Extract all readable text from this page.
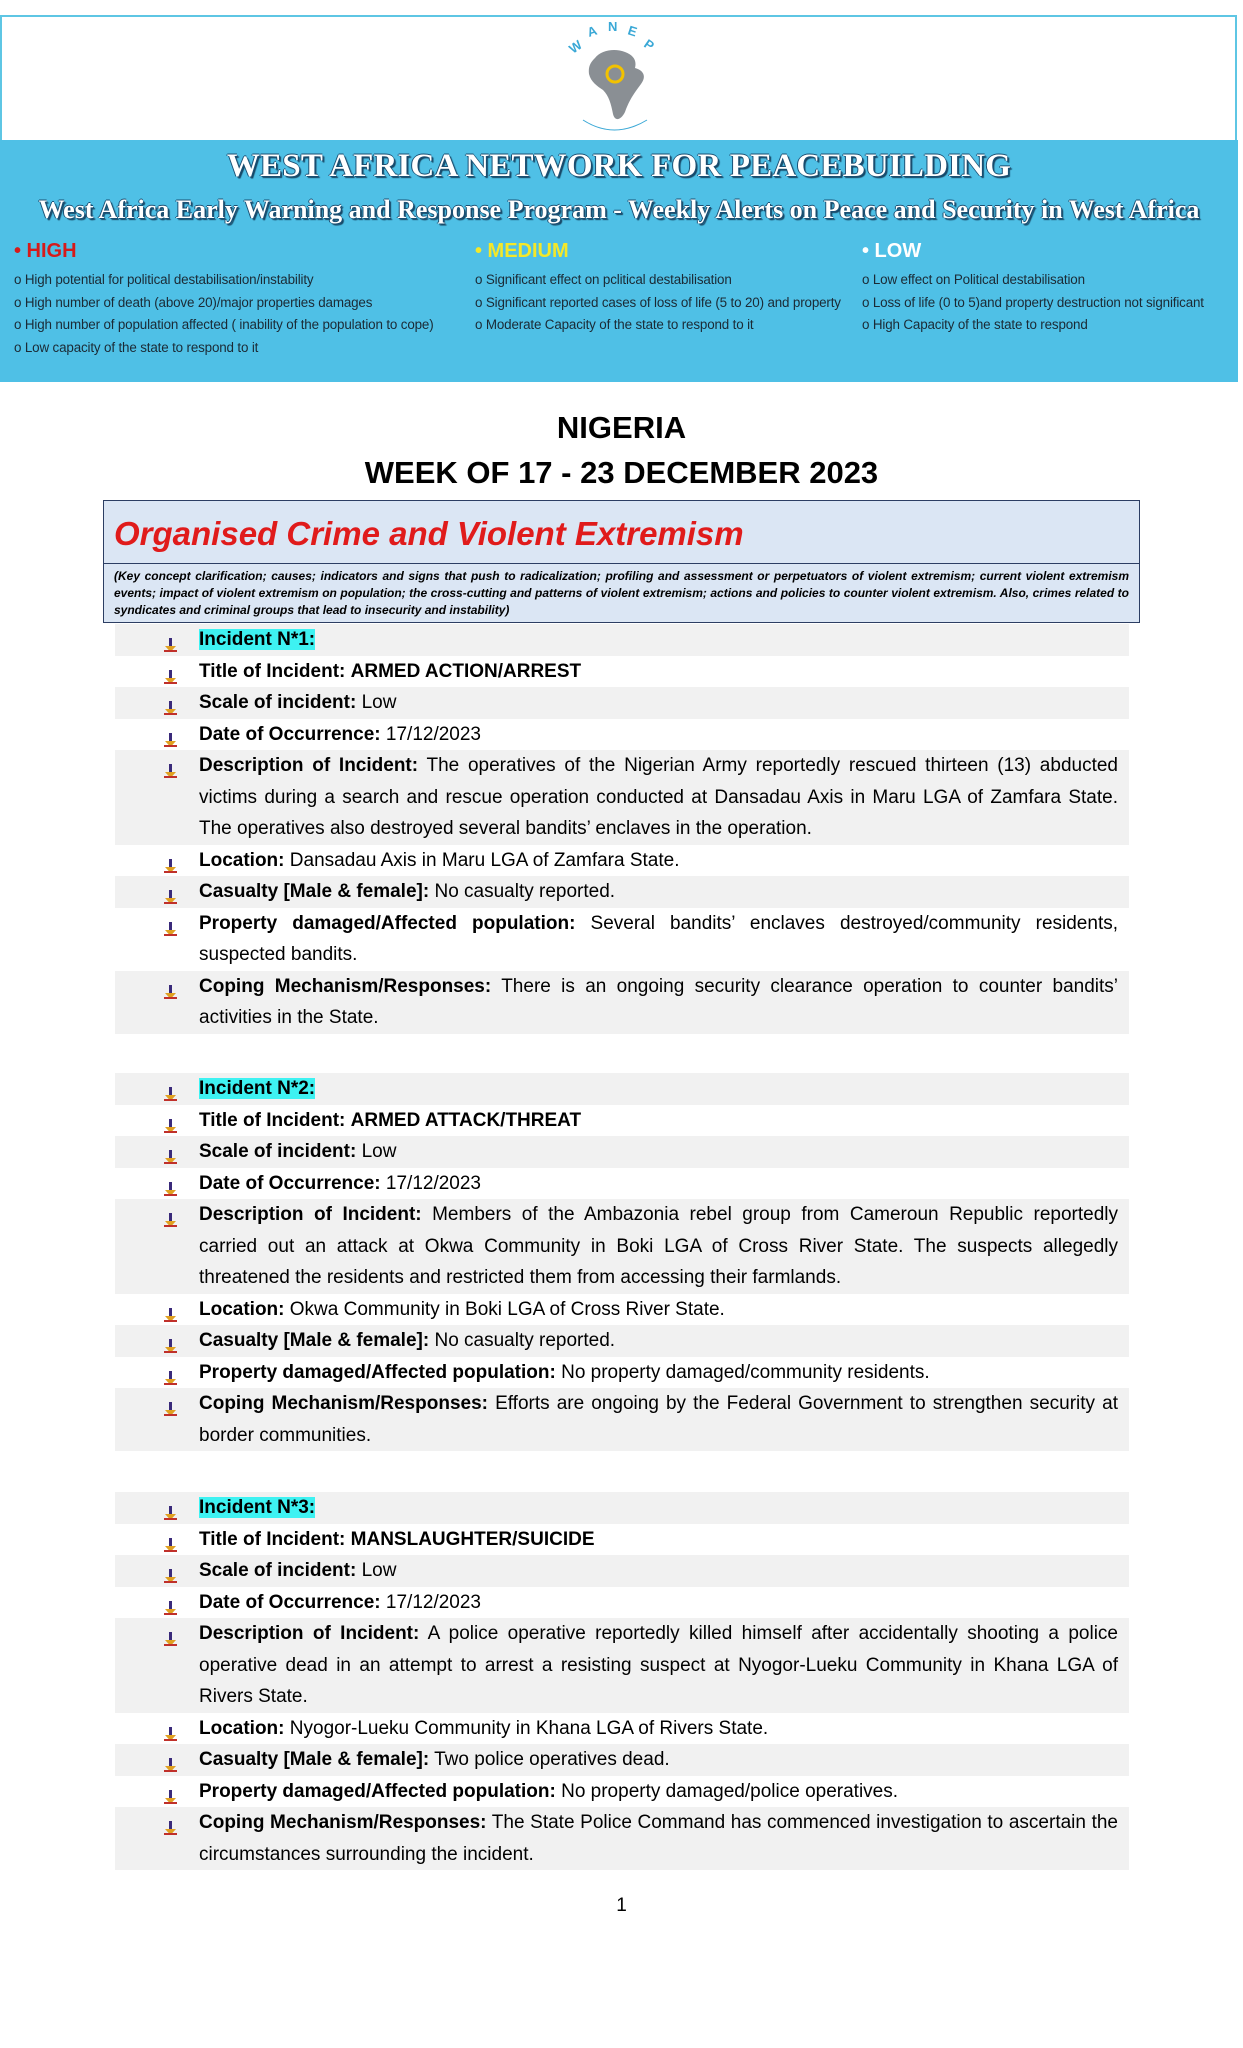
W
A N E
P
WEST AFRICA NETWORK FOR PEACEBUILDING
West Africa Early Warning and Response Program - Weekly Alerts on Peace and Security in West Africa
• HIGH
o High potential for political destabilisation/instability
o High number of death (above 20)/major properties damages
o High number of population affected ( inability of the population to cope)
o Low capacity of the state to respond to it
• MEDIUM
o Significant effect on pclitical destabilisation
o Significant reported cases of loss of life (5 to 20) and property
o Moderate Capacity of the state to respond to it
• LOW
o Low effect on Political destabilisation
o Loss of life (0 to 5)and property destruction not significant
o High Capacity of the state to respond
NIGERIA
WEEK OF 17 - 23 DECEMBER 2023
Organised Crime and Violent Extremism
(Key concept clarification; causes; indicators and signs that push to radicalization; profiling and assessment or perpetuators of violent extremism; current violent extremism events; impact of violent extremism on population; the cross-cutting and patterns of violent extremism; actions and policies to counter violent extremism. Also, crimes related to syndicates and criminal groups that lead to insecurity and instability)
Incident N*1:
Title of Incident: ARMED ACTION/ARREST
Scale of incident: Low
Date of Occurrence: 17/12/2023
Description of Incident: The operatives of the Nigerian Army reportedly rescued thirteen (13) abducted victims during a search and rescue operation conducted at Dansadau Axis in Maru LGA of Zamfara State. The operatives also destroyed several bandits’ enclaves in the operation.
Location: Dansadau Axis in Maru LGA of Zamfara State.
Casualty [Male & female]: No casualty reported.
Property damaged/Affected population: Several bandits’ enclaves destroyed/community residents, suspected bandits.
Coping Mechanism/Responses: There is an ongoing security clearance operation to counter bandits’ activities in the State.
Incident N*2:
Title of Incident: ARMED ATTACK/THREAT
Scale of incident: Low
Date of Occurrence: 17/12/2023
Description of Incident: Members of the Ambazonia rebel group from Cameroun Republic reportedly carried out an attack at Okwa Community in Boki LGA of Cross River State. The suspects allegedly threatened the residents and restricted them from accessing their farmlands.
Location: Okwa Community in Boki LGA of Cross River State.
Casualty [Male & female]: No casualty reported.
Property damaged/Affected population: No property damaged/community residents.
Coping Mechanism/Responses: Efforts are ongoing by the Federal Government to strengthen security at border communities.
Incident N*3:
Title of Incident: MANSLAUGHTER/SUICIDE
Scale of incident: Low
Date of Occurrence: 17/12/2023
Description of Incident: A police operative reportedly killed himself after accidentally shooting a police operative dead in an attempt to arrest a resisting suspect at Nyogor-Lueku Community in Khana LGA of Rivers State.
Location: Nyogor-Lueku Community in Khana LGA of Rivers State.
Casualty [Male & female]: Two police operatives dead.
Property damaged/Affected population: No property damaged/police operatives.
Coping Mechanism/Responses: The State Police Command has commenced investigation to ascertain the circumstances surrounding the incident.
1
